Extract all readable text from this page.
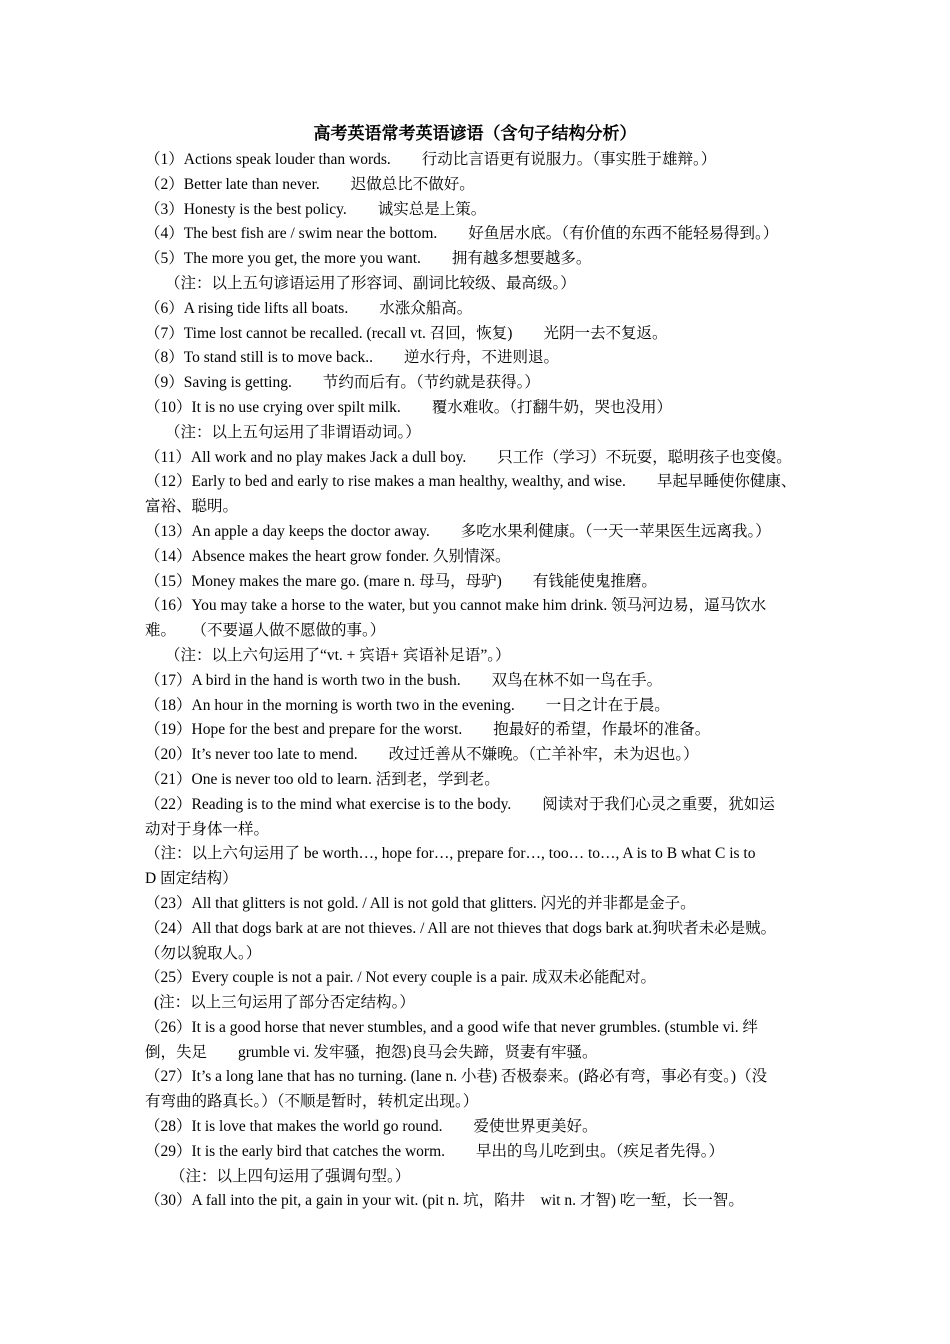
高考英语常考英语谚语（含句子结构分析）
（1）Actions speak louder than words.　　行动比言语更有说服力。（事实胜于雄辩。）
（2）Better late than never.　　迟做总比不做好。
（3）Honesty is the best policy.　　诚实总是上策。
（4）The best fish are / swim near the bottom.　　好鱼居水底。（有价值的东西不能轻易得到。）
（5）The more you get, the more you want.　　拥有越多想要越多。
（注：以上五句谚语运用了形容词、副词比较级、最高级。）
（6）A rising tide lifts all boats.　　水涨众船高。
（7）Time lost cannot be recalled. (recall vt. 召回，恢复)　　光阴一去不复返。
（8）To stand still is to move back..　　逆水行舟，不进则退。
（9）Saving is getting.　　节约而后有。（节约就是获得。）
（10）It is no use crying over spilt milk.　　覆水难收。（打翻牛奶，哭也没用）
（注：以上五句运用了非谓语动词。）
（11）All work and no play makes Jack a dull boy.　　只工作（学习）不玩耍，聪明孩子也变傻。
（12）Early to bed and early to rise makes a man healthy, wealthy, and wise.　　早起早睡使你健康、
富裕、聪明。
（13）An apple a day keeps the doctor away.　　多吃水果利健康。（一天一苹果医生远离我。）
（14）Absence makes the heart grow fonder. 久别情深。
（15）Money makes the mare go. (mare n. 母马，母驴)　　有钱能使鬼推磨。
（16）You may take a horse to the water, but you cannot make him drink. 领马河边易，逼马饮水
难。　　（不要逼人做不愿做的事。）
（注：以上六句运用了“vt. + 宾语+ 宾语补足语”。）
（17）A bird in the hand is worth two in the bush.　　双鸟在林不如一鸟在手。
（18）An hour in the morning is worth two in the evening.　　一日之计在于晨。
（19）Hope for the best and prepare for the worst.　　抱最好的希望，作最坏的准备。
（20）It’s never too late to mend.　　改过迁善从不嫌晚。（亡羊补牢，未为迟也。）
（21）One is never too old to learn. 活到老，学到老。
（22）Reading is to the mind what exercise is to the body.　　阅读对于我们心灵之重要，犹如运
动对于身体一样。
（注：以上六句运用了 be worth…, hope for…, prepare for…, too… to…, A is to B what C is to
D 固定结构）
（23）All that glitters is not gold. / All is not gold that glitters. 闪光的并非都是金子。
（24）All that dogs bark at are not thieves. / All are not thieves that dogs bark at.狗吠者未必是贼。
（勿以貌取人。）
（25）Every couple is not a pair. / Not every couple is a pair. 成双未必能配对。
(注：以上三句运用了部分否定结构。）
（26）It is a good horse that never stumbles, and a good wife that never grumbles. (stumble vi. 绊
倒，失足　　grumble vi. 发牢骚，抱怨)良马会失蹄，贤妻有牢骚。
（27）It’s a long lane that has no turning. (lane n. 小巷) 否极泰来。(路必有弯，事必有变。)（没
有弯曲的路真长。）（不顺是暂时，转机定出现。）
（28）It is love that makes the world go round.　　爱使世界更美好。
（29）It is the early bird that catches the worm.　　早出的鸟儿吃到虫。（疾足者先得。）
（注：以上四句运用了强调句型。）
（30）A fall into the pit, a gain in your wit. (pit n. 坑，陷井　wit n. 才智) 吃一堑，长一智。
